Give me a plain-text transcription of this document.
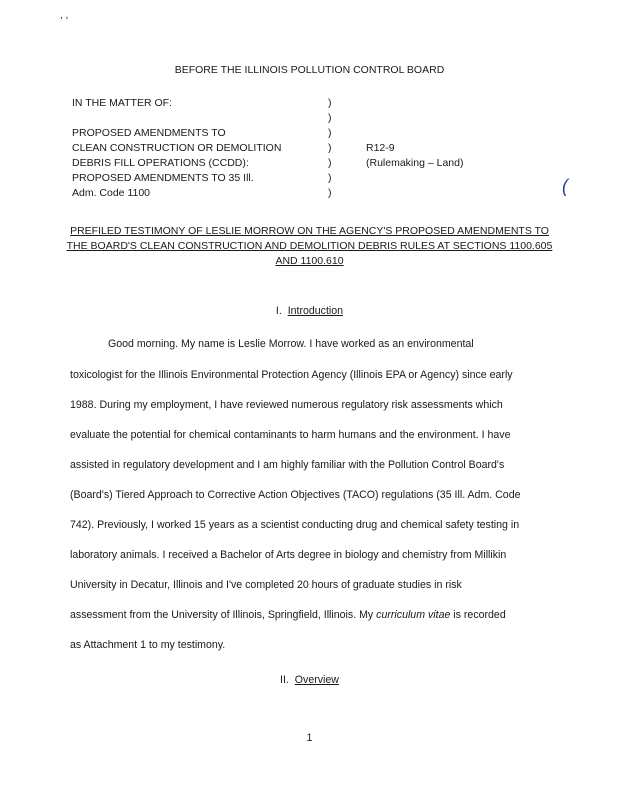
, ,
(
BEFORE THE ILLINOIS POLLUTION CONTROL BOARD
IN THE MATTER OF:
PROPOSED AMENDMENTS TO
CLEAN CONSTRUCTION OR DEMOLITION
DEBRIS FILL OPERATIONS (CCDD):
PROPOSED AMENDMENTS TO 35 Ill.
Adm. Code 1100
)
)
)
)
)
)
)
R12-9
(Rulemaking – Land)
PREFILED TESTIMONY OF LESLIE MORROW ON THE AGENCY'S PROPOSED AMENDMENTS TO
THE BOARD'S CLEAN CONSTRUCTION AND DEMOLITION DEBRIS RULES AT SECTIONS 1100.605
AND 1100.610
I. Introduction
Good morning. My name is Leslie Morrow. I have worked as an environmental
toxicologist for the Illinois Environmental Protection Agency (Illinois EPA or Agency) since early
1988. During my employment, I have reviewed numerous regulatory risk assessments which
evaluate the potential for chemical contaminants to harm humans and the environment. I have
assisted in regulatory development and I am highly familiar with the Pollution Control Board's
(Board's) Tiered Approach to Corrective Action Objectives (TACO) regulations (35 Ill. Adm. Code
742). Previously, I worked 15 years as a scientist conducting drug and chemical safety testing in
laboratory animals. I received a Bachelor of Arts degree in biology and chemistry from Millikin
University in Decatur, Illinois and I've completed 20 hours of graduate studies in risk
assessment from the University of Illinois, Springfield, Illinois. My curriculum vitae is recorded
as Attachment 1 to my testimony.
II. Overview
1
